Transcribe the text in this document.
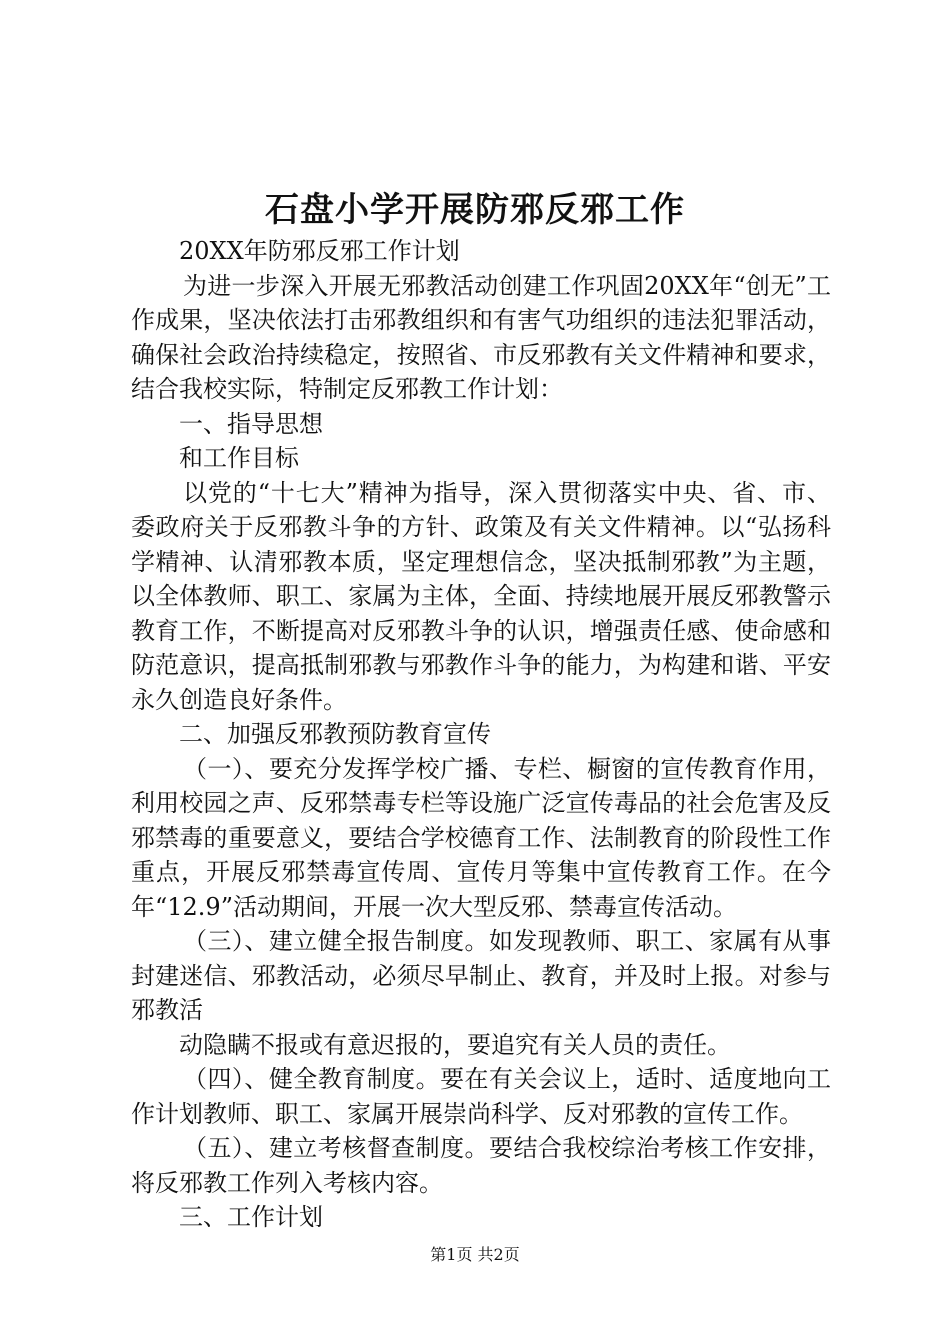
石盘小学开展防邪反邪工作

20XX年防邪反邪工作计划

为进一步深入开展无邪教活动创建工作巩固20XX年“创无”工作成果，坚决依法打击邪教组织和有害气功组织的违法犯罪活动，确保社会政治持续稳定，按照省、市反邪教有关文件精神和要求，结合我校实际，特制定反邪教工作计划：

一、指导思想

和工作目标

以党的“十七大”精神为指导，深入贯彻落实中央、省、市、委政府关于反邪教斗争的方针、政策及有关文件精神。以“弘扬科学精神、认清邪教本质，坚定理想信念，坚决抵制邪教”为主题，以全体教师、职工、家属为主体，全面、持续地展开展反邪教警示教育工作，不断提高对反邪教斗争的认识，增强责任感、使命感和防范意识，提高抵制邪教与邪教作斗争的能力，为构建和谐、平安永久创造良好条件。

二、加强反邪教预防教育宣传

（一）、要充分发挥学校广播、专栏、橱窗的宣传教育作用，利用校园之声、反邪禁毒专栏等设施广泛宣传毒品的社会危害及反邪禁毒的重要意义，要结合学校德育工作、法制教育的阶段性工作重点，开展反邪禁毒宣传周、宣传月等集中宣传教育工作。在今年“12.9”活动期间，开展一次大型反邪、禁毒宣传活动。

（三）、建立健全报告制度。如发现教师、职工、家属有从事封建迷信、邪教活动，必须尽早制止、教育，并及时上报。对参与邪教活

动隐瞒不报或有意迟报的，要追究有关人员的责任。

（四）、健全教育制度。要在有关会议上，适时、适度地向工作计划教师、职工、家属开展崇尚科学、反对邪教的宣传工作。

（五）、建立考核督查制度。要结合我校综治考核工作安排，将反邪教工作列入考核内容。

三、工作计划

第1页 共2页
